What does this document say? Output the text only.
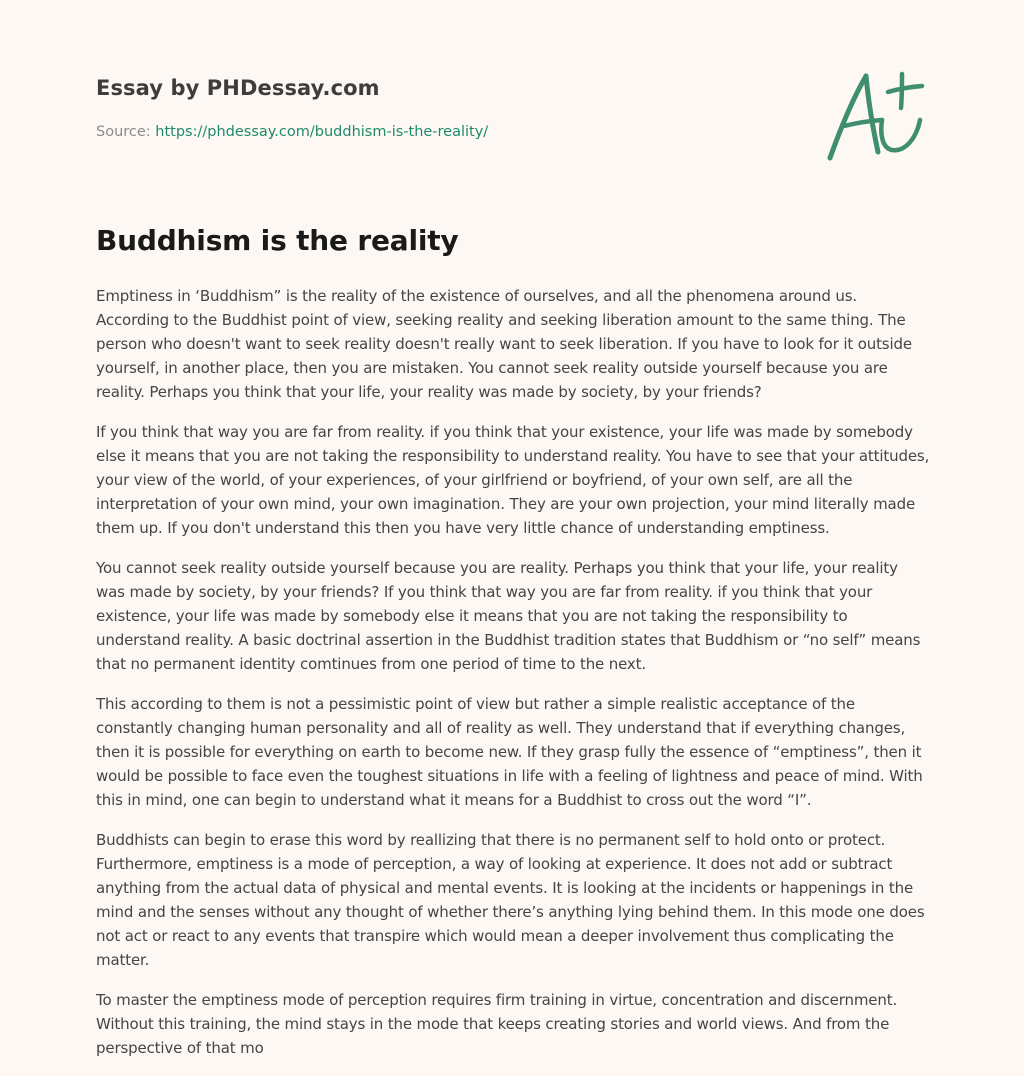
Essay by PHDessay.com
Source: https://phdessay.com/buddhism-is-the-reality/
Buddhism is the reality

Emptiness in ‘Buddhism” is the reality of the existence of ourselves, and all the phenomena around us. According to the Buddhist point of view, seeking reality and seeking liberation amount to the same thing. The person who doesn't want to seek reality doesn't really want to seek liberation. If you have to look for it outside yourself, in another place, then you are mistaken. You cannot seek reality outside yourself because you are reality. Perhaps you think that your life, your reality was made by society, by your friends?

If you think that way you are far from reality. if you think that your existence, your life was made by somebody else it means that you are not taking the responsibility to understand reality. You have to see that your attitudes, your view of the world, of your experiences, of your girlfriend or boyfriend, of your own self, are all the interpretation of your own mind, your own imagination. They are your own projection, your mind literally made them up. If you don't understand this then you have very little chance of understanding emptiness.

You cannot seek reality outside yourself because you are reality. Perhaps you think that your life, your reality was made by society, by your friends? If you think that way you are far from reality. if you think that your existence, your life was made by somebody else it means that you are not taking the responsibility to understand reality. A basic doctrinal assertion in the Buddhist tradition states that Buddhism or “no self” means that no permanent identity comtinues from one period of time to the next.

This according to them is not a pessimistic point of view but rather a simple realistic acceptance of the constantly changing human personality and all of reality as well. They understand that if everything changes, then it is possible for everything on earth to become new. If they grasp fully the essence of “emptiness”, then it would be possible to face even the toughest situations in life with a feeling of lightness and peace of mind. With this in mind, one can begin to understand what it means for a Buddhist to cross out the word “I”.

Buddhists can begin to erase this word by reallizing that there is no permanent self to hold onto or protect. Furthermore, emptiness is a mode of perception, a way of looking at experience. It does not add or subtract anything from the actual data of physical and mental events. It is looking at the incidents or happenings in the mind and the senses without any thought of whether there’s anything lying behind them. In this mode one does not act or react to any events that transpire which would mean a deeper involvement thus complicating the matter.

To master the emptiness mode of perception requires firm training in virtue, concentration and discernment. Without this training, the mind stays in the mode that keeps creating stories and world views. And from the perspective of that mo
